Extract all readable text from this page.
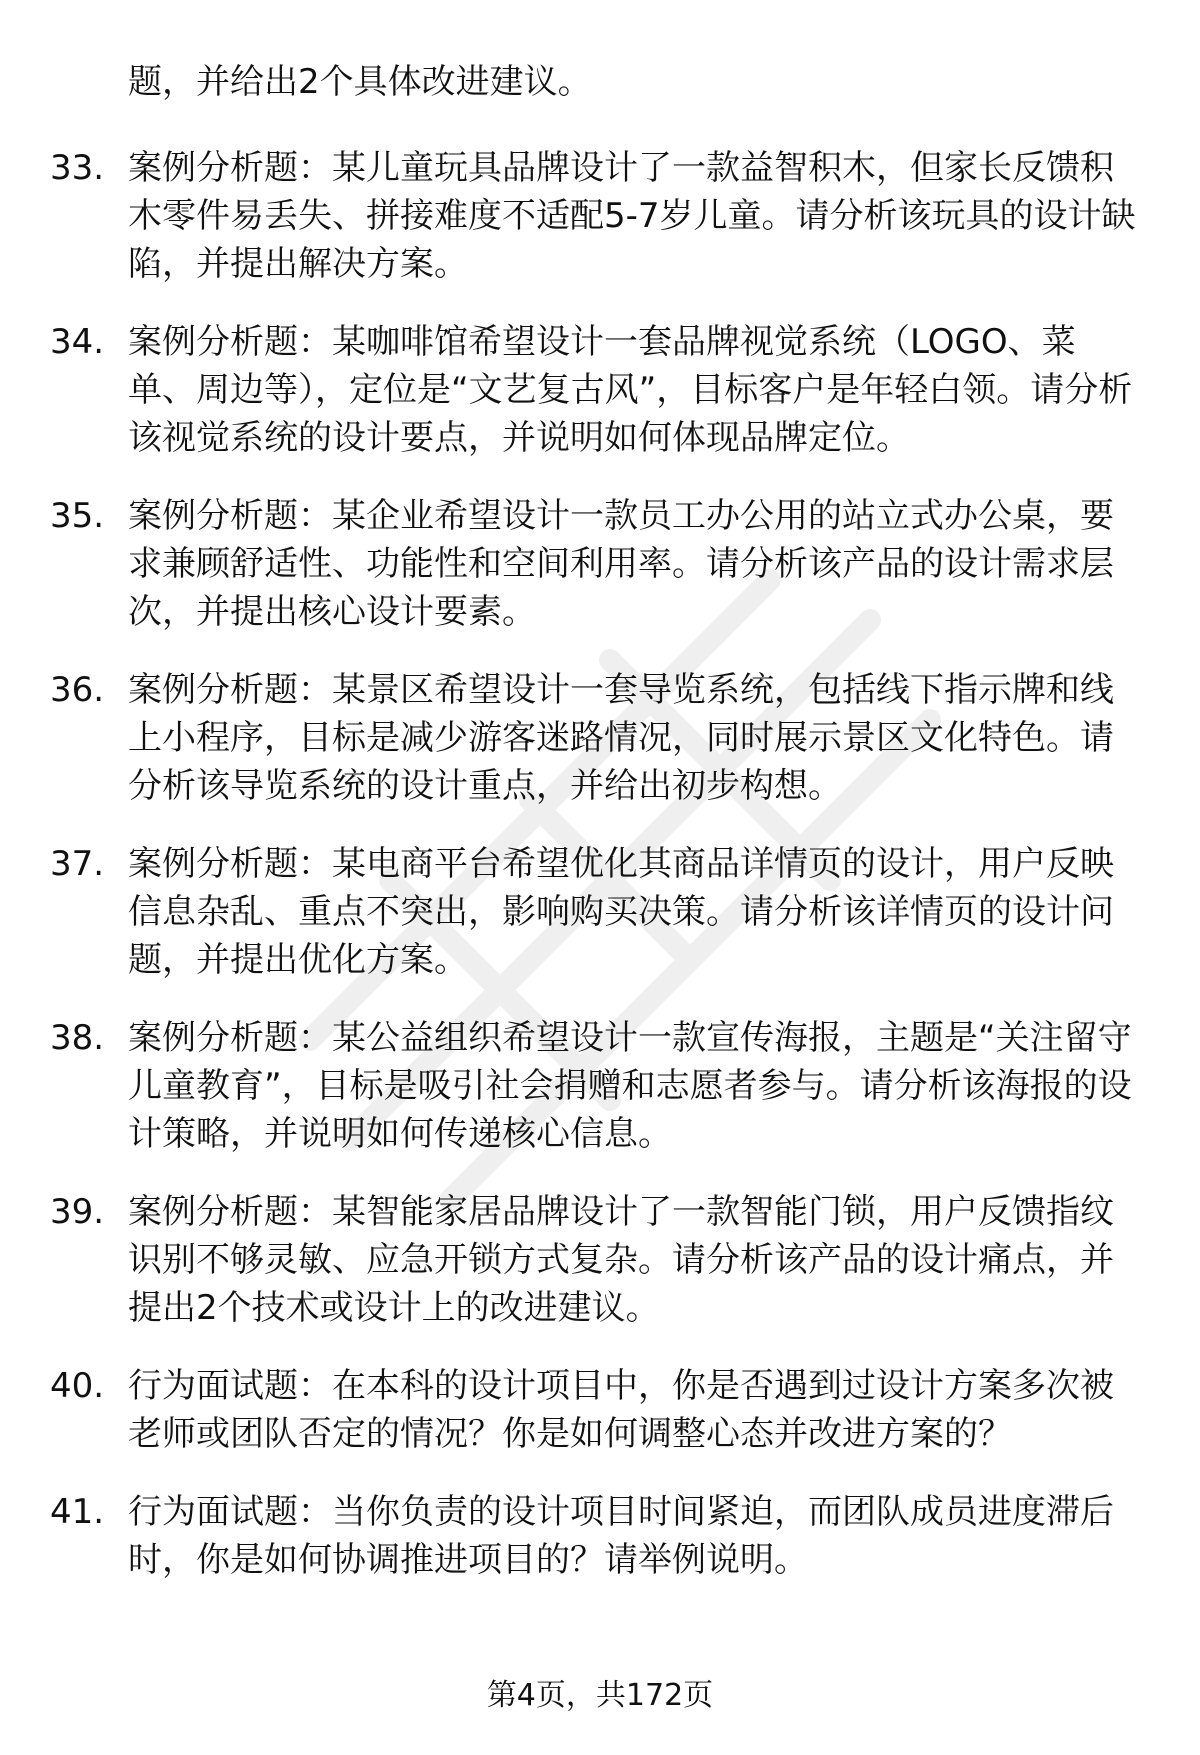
题，并给出2个具体改进建议。

33. 案例分析题：某儿童玩具品牌设计了一款益智积木，但家长反馈积木零件易丢失、拼接难度不适配5-7岁儿童。请分析该玩具的设计缺陷，并提出解决方案。
34. 案例分析题：某咖啡馆希望设计一套品牌视觉系统（LOGO、菜单、周边等），定位是“文艺复古风”，目标客户是年轻白领。请分析该视觉系统的设计要点，并说明如何体现品牌定位。
35. 案例分析题：某企业希望设计一款员工办公用的站立式办公桌，要求兼顾舒适性、功能性和空间利用率。请分析该产品的设计需求层次，并提出核心设计要素。
36. 案例分析题：某景区希望设计一套导览系统，包括线下指示牌和线上小程序，目标是减少游客迷路情况，同时展示景区文化特色。请分析该导览系统的设计重点，并给出初步构想。
37. 案例分析题：某电商平台希望优化其商品详情页的设计，用户反映信息杂乱、重点不突出，影响购买决策。请分析该详情页的设计问题，并提出优化方案。
38. 案例分析题：某公益组织希望设计一款宣传海报，主题是“关注留守儿童教育”，目标是吸引社会捐赠和志愿者参与。请分析该海报的设计策略，并说明如何传递核心信息。
39. 案例分析题：某智能家居品牌设计了一款智能门锁，用户反馈指纹识别不够灵敏、应急开锁方式复杂。请分析该产品的设计痛点，并提出2个技术或设计上的改进建议。
40. 行为面试题：在本科的设计项目中，你是否遇到过设计方案多次被老师或团队否定的情况？你是如何调整心态并改进方案的？
41. 行为面试题：当你负责的设计项目时间紧迫，而团队成员进度滞后时，你是如何协调推进项目的？请举例说明。
第4页，共172页
